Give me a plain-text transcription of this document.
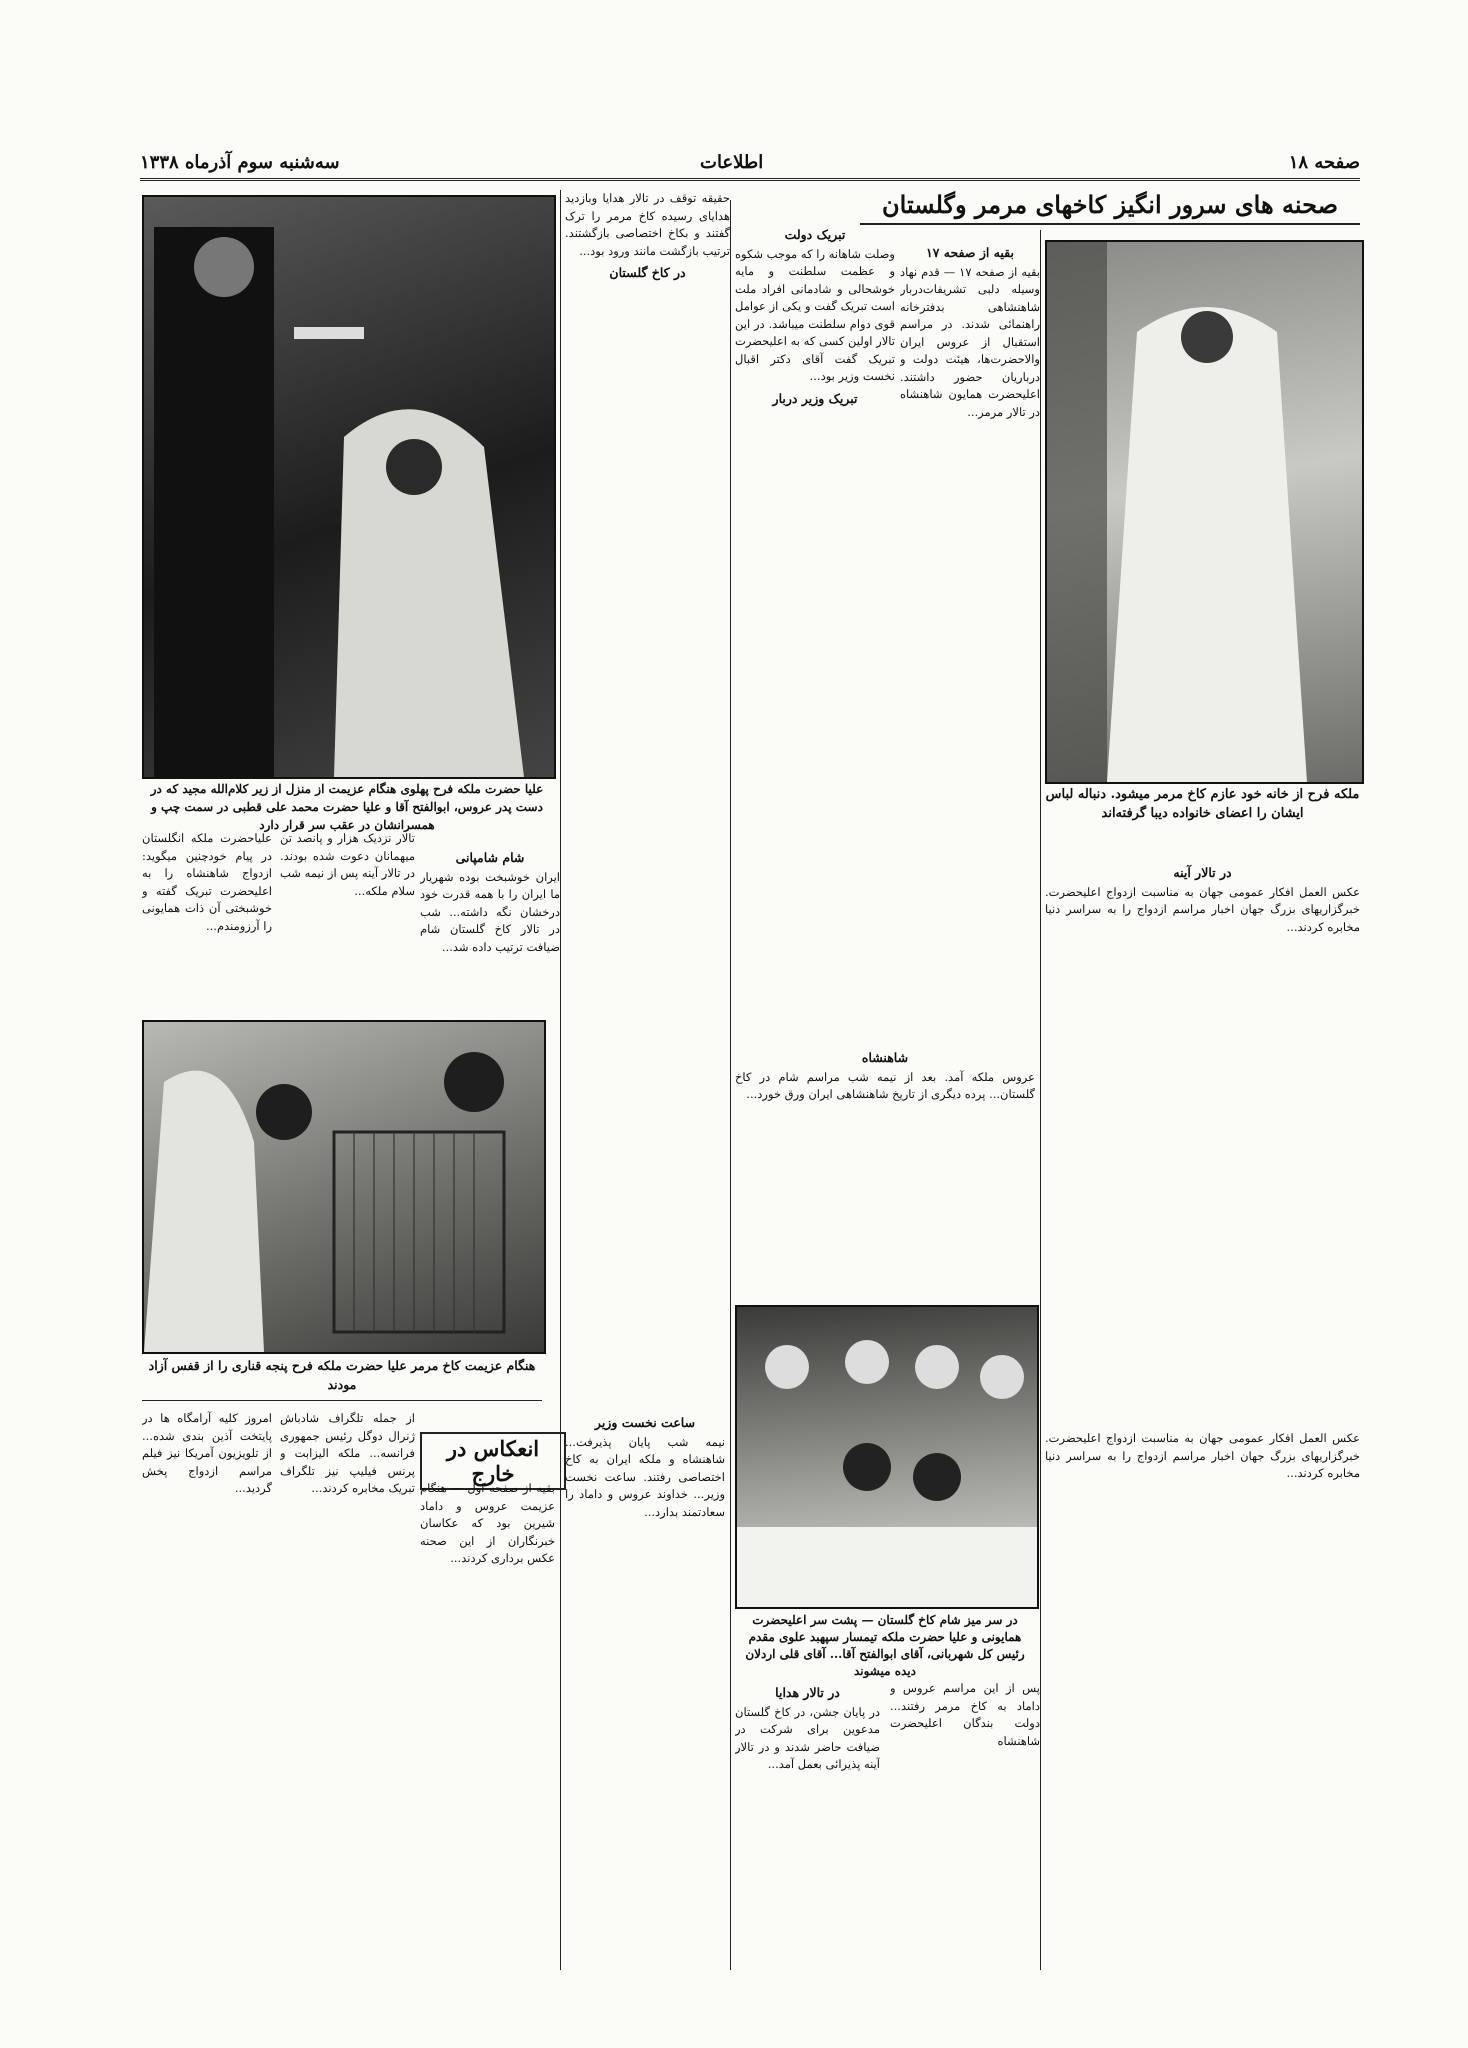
صفحه ۱۸
اطلاعات
سه‌شنبه سوم آذرماه ۱۳۳۸
صحنه های سرور انگیز کاخهای مرمر وگلستان
ملکه فرح از خانه خود عازم کاخ مرمر میشود. دنباله لباس ایشان را اعضای خانواده دیبا گرفته‌اند
علیا حضرت ملکه فرح پهلوی هنگام عزیمت از منزل از زیر کلام‌الله مجید که در دست پدر عروس، ابوالفتح آقا و علیا حضرت محمد علی قطبی در سمت چپ و همسرانشان در عقب سر قرار دارد
بقیه از صفحه ۱۷

بقیه از صفحه ۱۷ — قدم نهاد وسیله دلبی تشریفات‌دربار شاهنشاهی بدفترخانه راهنمائی شدند. در مراسم استقبال از عروس ایران والاحضرت‌ها، هیئت دولت و درباریان حضور داشتند. اعلیحضرت همایون شاهنشاه در تالار مرمر...

تبریک دولت

وصلت شاهانه را که موجب شکوه و عظمت سلطنت و مایه خوشحالی و شادمانی افراد ملت است تبریک گفت و یکی از عوامل قوی دوام سلطنت میباشد. در این تالار اولین کسی که به اعلیحضرت تبریک گفت آقای دکتر اقبال نخست وزیر بود...

تبریک وزیر دربار

حقیقه توقف در تالار هدایا وبازدید هدایای رسیده کاخ مرمر را ترک گفتند و بکاخ اختصاصی بازگشتند. ترتیب بازگشت مانند ورود بود...

در کاخ گلستان
شام شامپانی

ایران خوشبخت بوده شهریار ما ایران را با همه قدرت خود درخشان نگه داشته... شب در تالار کاخ گلستان شام ضیافت ترتیب داده شد...

علیاحضرت ملکه انگلستان در پیام خودچنین میگوید: ازدواج شاهنشاه را به اعلیحضرت تبریک گفته و خوشبختی آن ذات همایونی را آرزومندم...

تالار نزدیک هزار و پانصد تن میهمانان دعوت شده بودند. در تالار آینه پس از نیمه شب سلام ملکه...

هنگام عزیمت کاخ مرمر علیا حضرت ملکه فرح پنجه قناری را از قفس آزاد مودند
در تالار آینه

عکس العمل افکار عمومی جهان به مناسبت ازدواج اعلیحضرت. خبرگزاریهای بزرگ جهان اخبار مراسم ازدواج را به سراسر دنیا مخابره کردند...

شاهنشاه

عروس ملکه آمد. بعد از نیمه شب مراسم شام در کاخ گلستان... پرده دیگری از تاریخ شاهنشاهی ایران ورق خورد...

در سر میز شام کاخ گلستان — پشت سر اعلیحضرت همایونی و علیا حضرت ملکه تیمسار سپهبد علوی مقدم رئیس کل شهربانی، آقای ابوالفتح آقا... آقای قلی اردلان دیده میشوند
انعکاس در خارج

امروز کلیه آرامگاه ها در پایتخت آذین بندی شده... از تلویزیون آمریکا نیز فیلم مراسم ازدواج پخش گردید...

از جمله تلگراف شادباش ژنرال دوگل رئیس جمهوری فرانسه... ملکه الیزابت و پرنس فیلیپ نیز تلگراف تبریک مخابره کردند... بقیه از صفحه اول — هنگام عزیمت عروس و داماد شیرین بود که عکاسان خبرنگاران از این صحنه عکس برداری کردند...

ساعت نخست وزیر

نیمه شب پایان پذیرفت... شاهنشاه و ملکه ایران به کاخ اختصاصی رفتند. ساعت نخست وزیر... خداوند عروس و داماد را سعادتمند بدارد...

در تالار هدایا

در پایان جشن، در کاخ گلستان مدعوین برای شرکت در ضیافت حاضر شدند و در تالار آینه پذیرائی بعمل آمد...

پس از این مراسم عروس و داماد به کاخ مرمر رفتند... دولت بندگان اعلیحضرت شاهنشاه

عکس العمل افکار عمومی جهان به مناسبت ازدواج اعلیحضرت. خبرگزاریهای بزرگ جهان اخبار مراسم ازدواج را به سراسر دنیا مخابره کردند...
